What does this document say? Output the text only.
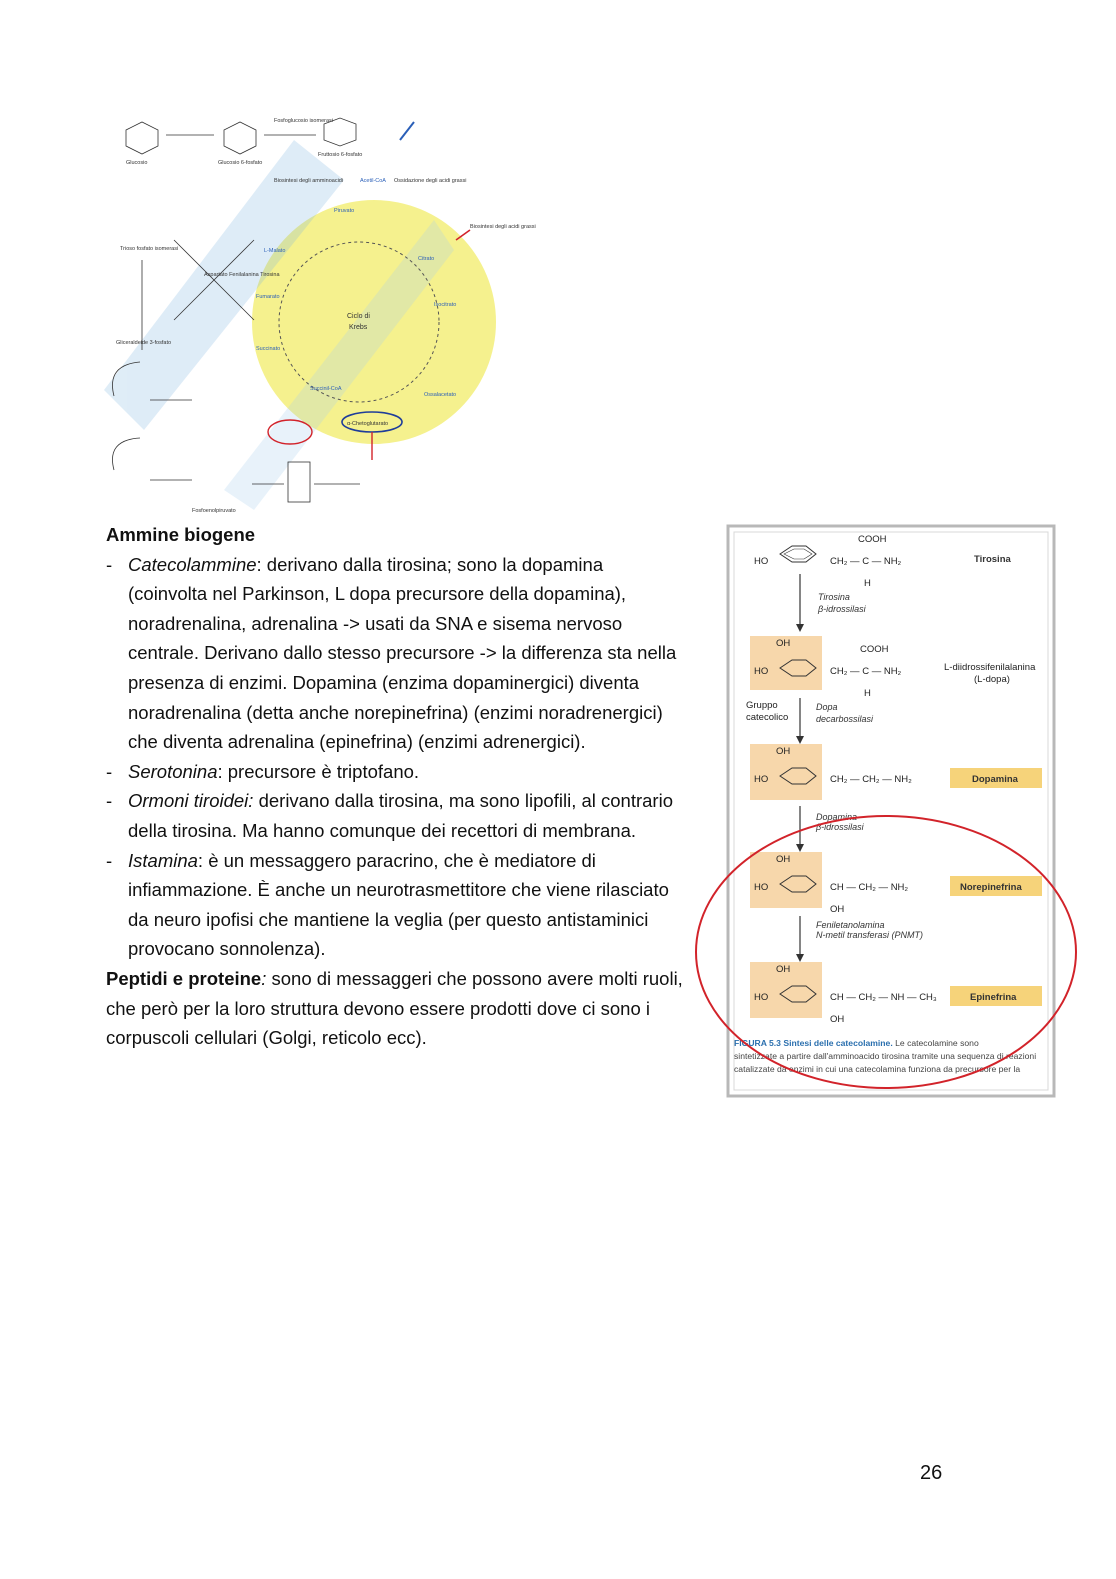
Ciclo di
Krebs
Glucosio	Glucosio 6-fosfato
Fosfoglucosio isomerasi
Fruttosio 6-fosfato
Biosintesi degli amminoacidi	Ossidazione degli acidi grassi
Acetil-CoA
Piruvato
Biosintesi degli acidi grassi
Trioso fosfato isomerasi
Gliceraldeide 3-fosfato
Aspartato Fenilalanina Tirosina
Citrato
Isocitrato
L-Malato
Fumarato
Succinato
Succinil-CoA
Ossalacetato
α-Chetoglutarato
Fosfoenolpiruvato

Ammine biogene

- Catecolammine: derivano dalla tirosina; sono la dopamina (coinvolta nel Parkinson, L dopa precursore della dopamina), noradrenalina, adrenalina -> usati da SNA e sisema nervoso centrale. Derivano dallo stesso precursore -> la differenza sta nella presenza di enzimi. Dopamina (enzima dopaminergici) diventa noradrenalina (detta anche norepinefrina) (enzimi noradrenergici) che diventa adrenalina (epinefrina) (enzimi adrenergici).
- Serotonina: precursore è triptofano.
- Ormoni tiroidei: derivano dalla tirosina, ma sono lipofili, al contrario della tirosina. Ma hanno comunque dei recettori di membrana.
- Istamina: è un messaggero paracrino, che è mediatore di infiammazione. È anche un neurotrasmettitore che viene rilasciato da neuro ipofisi che mantiene la veglia (per questo antistaminici provocano sonnolenza).

Peptidi e proteine: sono di messaggeri che possono avere molti ruoli, che però per la loro struttura devono essere prodotti dove ci sono i corpuscoli cellulari (Golgi, reticolo ecc).

HO	CH₂ — C — NH₂
COOH
H
Tirosina
Tirosina
β-idrossilasi
OH
HO	CH₂ — C — NH₂
COOH
H
L-diidrossifenilalanina
(L-dopa)
Gruppo
catecolico
Dopa
decarbossilasi
OH
HO	CH₂ — CH₂ — NH₂	Dopamina
Dopamina
β-idrossilasi
OH
HO	CH — CH₂ — NH₂
OH
Norepinefrina
Feniletanolamina
N-metil transferasi (PNMT)
OH
HO	CH — CH₂ — NH — CH₃
OH
Epinefrina
FIGURA 5.3 Sintesi delle catecolamine. Le catecolamine sono
sintetizzate a partire dall'amminoacido tirosina tramite una sequenza di reazioni
catalizzate da enzimi in cui una catecolamina funziona da precursore per la
26
